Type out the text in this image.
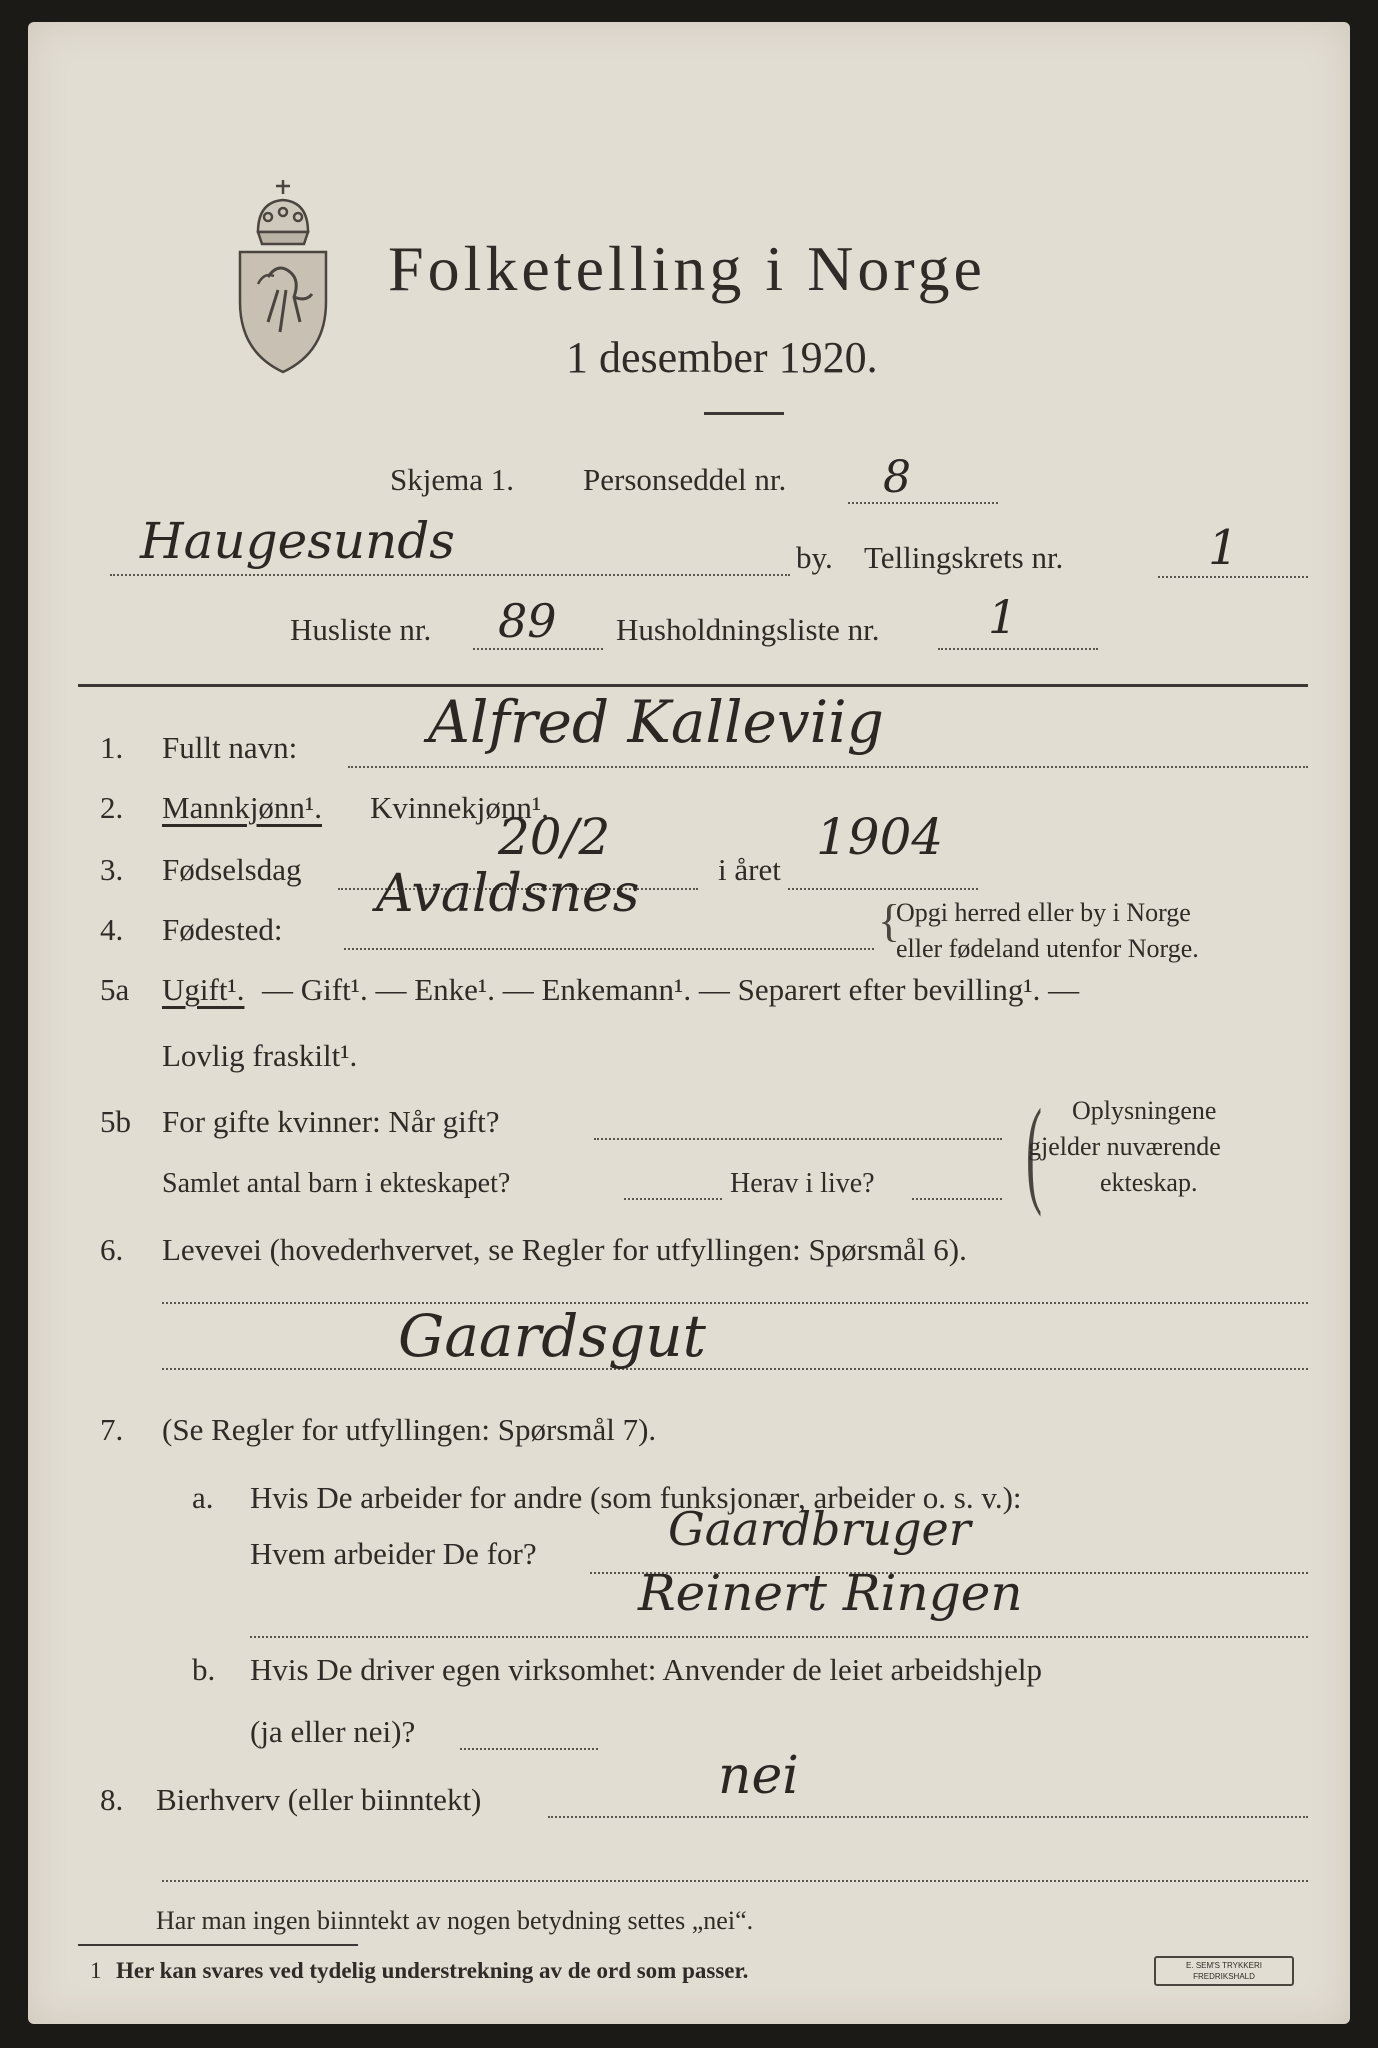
Folketelling i Norge
1 desember 1920.
Skjema 1. Personseddel nr. 8
Haugesunds	by. Tellingskrets nr.	1
Husliste nr. 89 Husholdningsliste nr. 1
1. Fullt navn: Alfred Kalleviig
2. Mannkjønn¹. Kvinnekjønn¹.
3. Fødselsdag
20/2
i året
1904
4. Fødested:
Avaldsnes	{
Opgi herred eller by i Norge
eller fødeland utenfor Norge.
5a Ugift¹. — Gift¹. — Enke¹. — Enkemann¹. — Separert efter bevilling¹. —
Lovlig fraskilt¹.
5b For gifte kvinner: Når gift?
Samlet antal barn i ekteskapet?	Herav i live? ( Oplysningene
gjelder nuværende
ekteskap.
6. Levevei (hovederhvervet, se Regler for utfyllingen: Spørsmål 6).
Gaardsgut
7. (Se Regler for utfyllingen: Spørsmål 7).
a. Hvis De arbeider for andre (som funksjonær, arbeider o. s. v.):
Hvem arbeider De for?	Gaardbruger
Reinert Ringen
b. Hvis De driver egen virksomhet: Anvender de leiet arbeidshjelp
(ja eller nei)?
8. Bierhverv (eller biinntekt)	nei
Har man ingen biinntekt av nogen betydning settes „nei“.
1 Her kan svares ved tydelig understrekning av de ord som passer.	E. SEM'S TRYKKERI
FREDRIKSHALD
